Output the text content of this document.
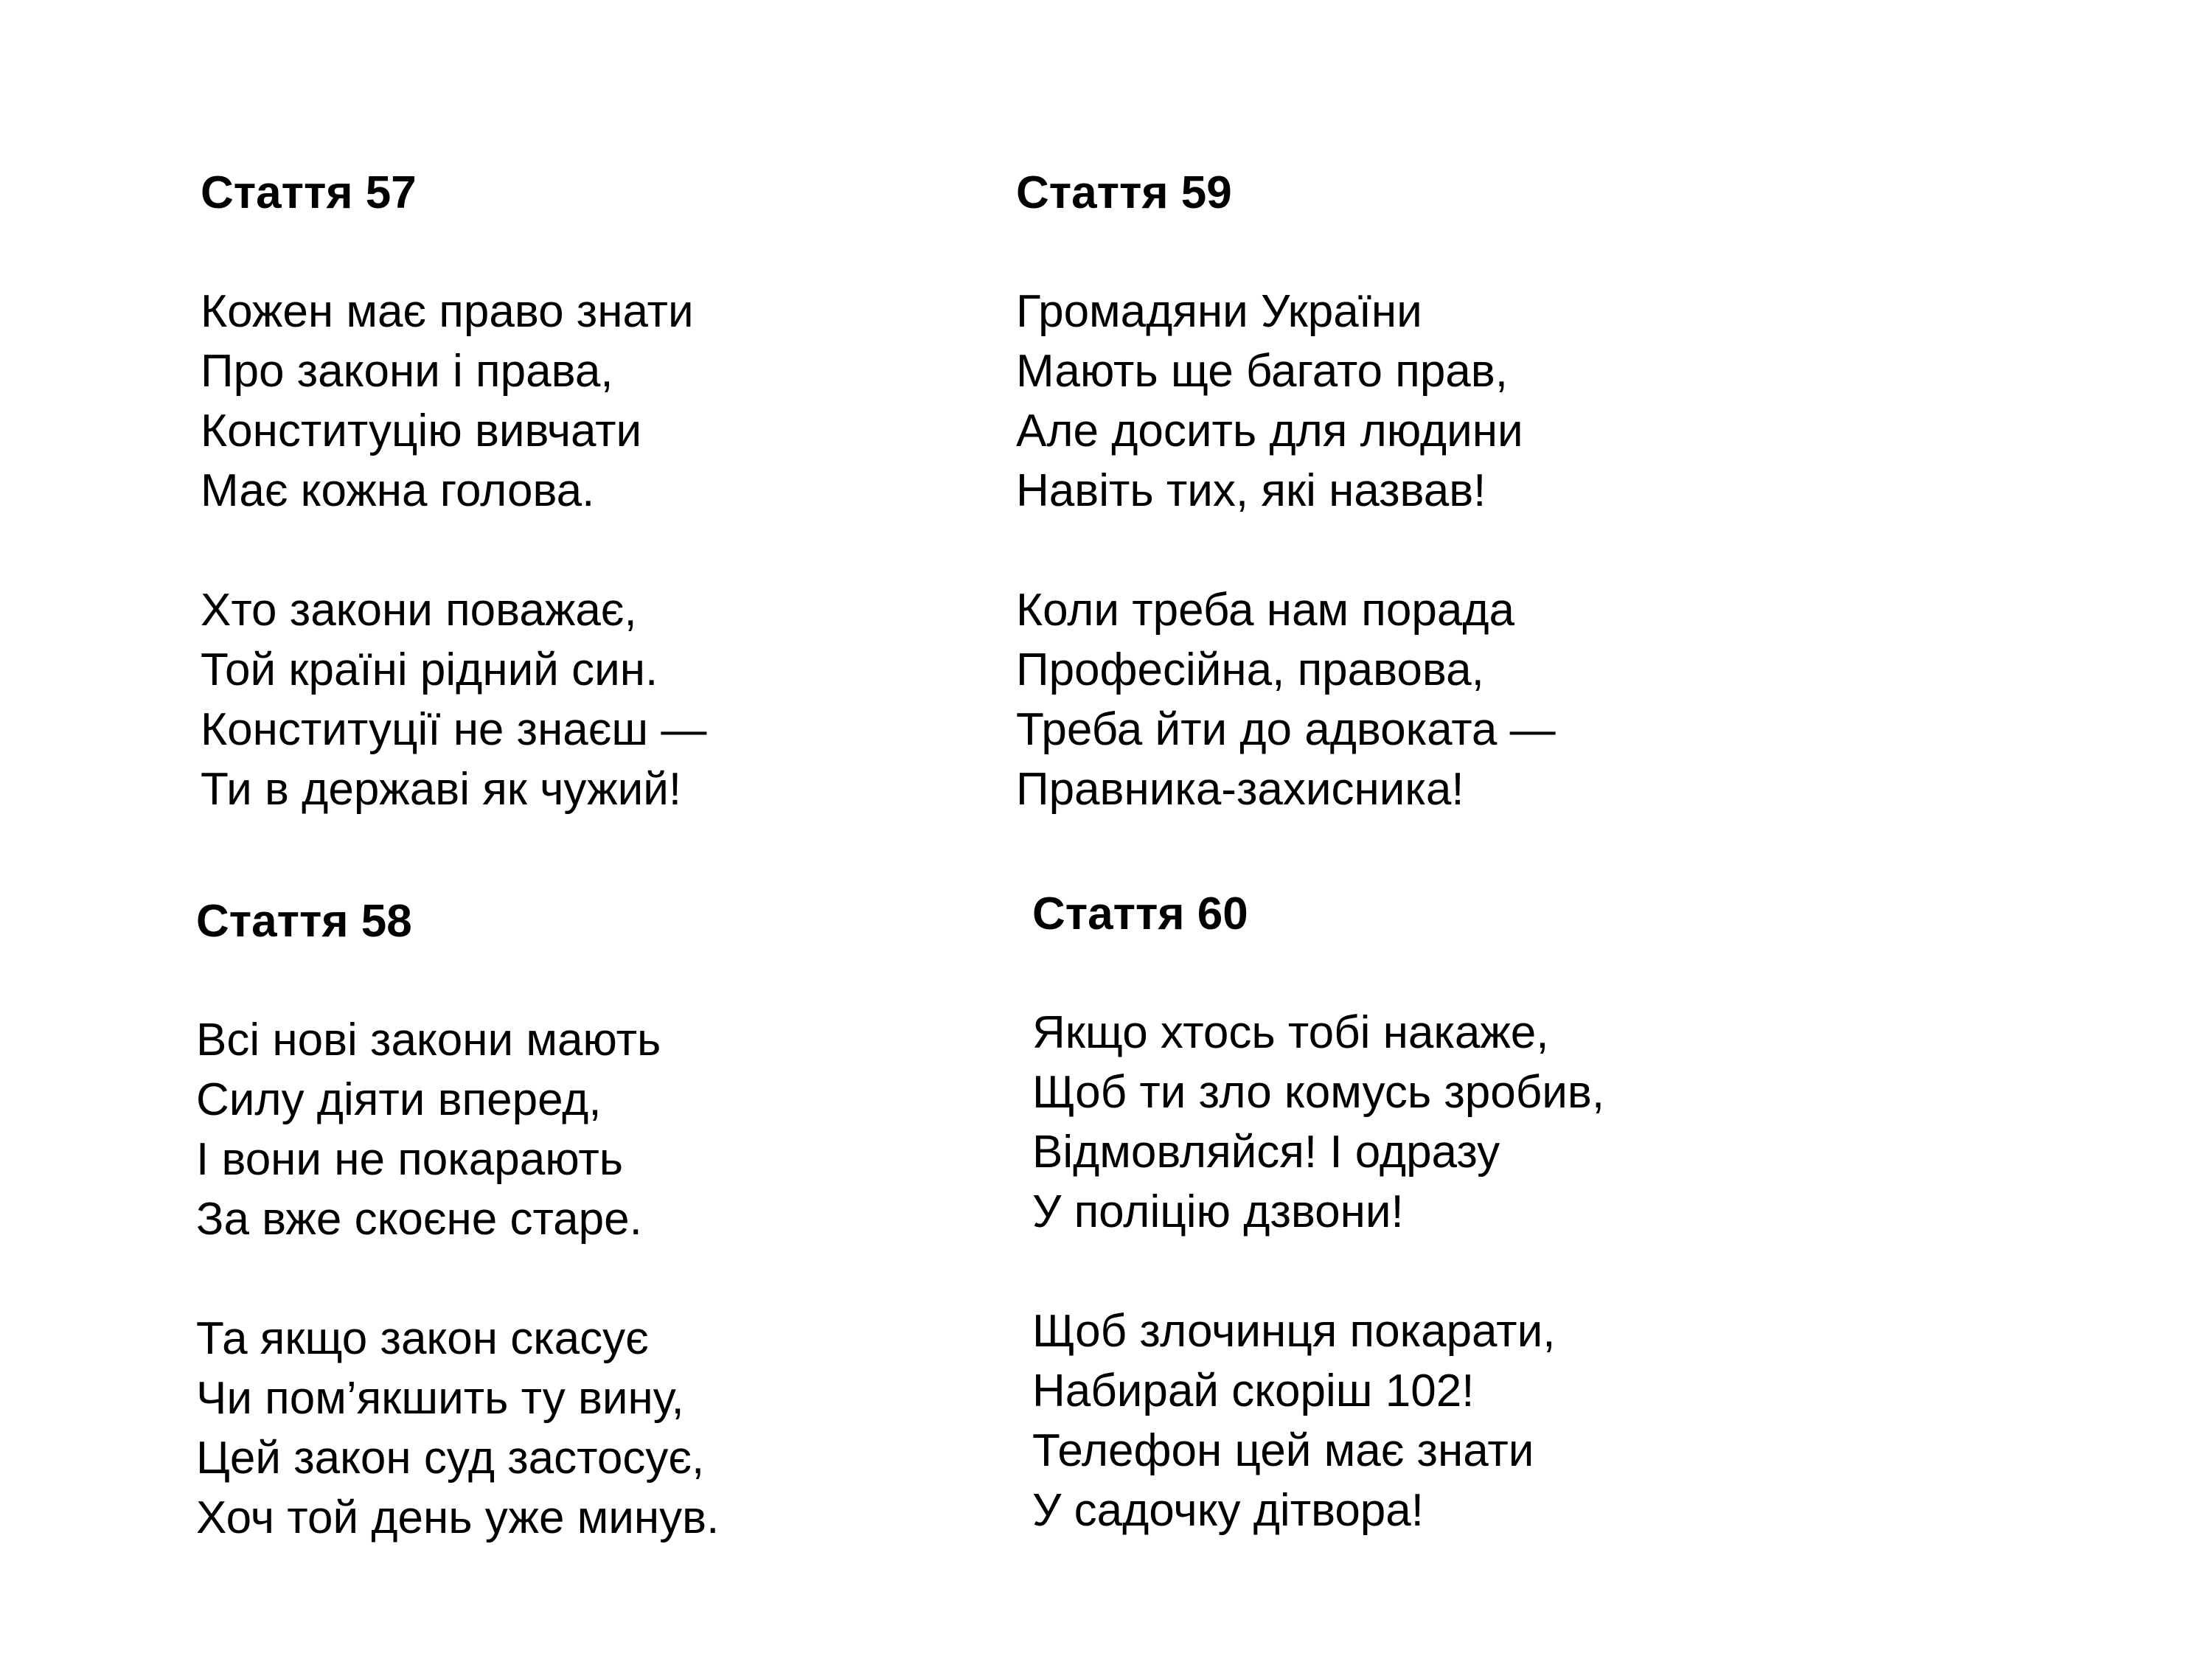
Стаття 57

Кожен має право знати
Про закони і права,
Конституцію вивчати
Має кожна голова.

Хто закони поважає,
Той країні рідний син.
Конституції не знаєш —
Ти в державі як чужий!

Стаття 59

Громадяни України
Мають ще багато прав,
Але досить для людини
Навіть тих, які назвав!

Коли треба нам порада
Професійна, правова,
Треба йти до адвоката —
Правника-захисника!

Стаття 58

Всі нові закони мають
Силу діяти вперед,
І вони не покарають
За вже скоєне старе.

Та якщо закон скасує
Чи пом’якшить ту вину,
Цей закон суд застосує,
Хоч той день уже минув.

Стаття 60

Якщо хтось тобі накаже,
Щоб ти зло комусь зробив,
Відмовляйся! І одразу
У поліцію дзвони!

Щоб злочинця покарати,
Набирай скоріш 102!
Телефон цей має знати
У садочку дітвора!
